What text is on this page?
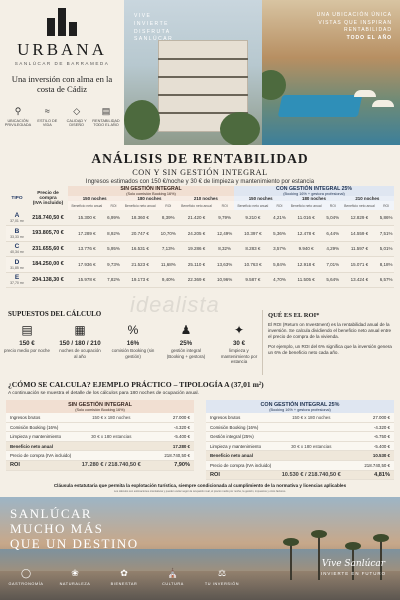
URBANA
SANLÚCAR DE BARRAMEDA
Una inversión con alma en la costa de Cádiz
⚲
UBICACIÓN PRIVILEGIADA
≈
ESTILO DE VIDA
◇
CALIDAD Y DISEÑO
▤
RENTABILIDAD TODO EL AÑO
VIVE
INVIERTE
DISFRUTA
SANLÚCAR
UNA UBICACIÓN ÚNICA
VISTAS QUE INSPIRAN
RENTABILIDAD
TODO EL AÑO
ANÁLISIS DE RENTABILIDAD
CON Y SIN GESTIÓN INTEGRAL
Ingresos estimados con 150 €/noche y 30 € de limpieza y mantenimiento por estancia
TIPO	Precio de compra
(IVA incluido)	SIN GESTIÓN INTEGRAL
(Solo comisión Booking 16%)						CON GESTIÓN INTEGRAL 25%
(Booking 16% + gestora profesional)					

		150 noches		180 noches		210 noches		150 noches		180 noches		210 noches	
		Beneficio neto anual	ROI	Beneficio neto anual	ROI	Beneficio neto anual	ROI	Beneficio neto anual	ROI	Beneficio neto anual	ROI	Beneficio neto anual	ROI

A
37,01 m²	218.740,50 €	15.300 €	6,99%	18.360 €	8,39%	21.420 €	9,79%	9.210 €	4,21%	11.016 €	5,04%	12.829 €	5,86%

B
33,33 m²	193.805,70 €	17.289 €	8,92%	20.747 €	10,70%	24.205 €	12,49%	10.397 €	5,36%	12.478 €	6,44%	14.559 €	7,51%

C
40,34 m²	231.655,60 €	13.776 €	5,95%	16.531 €	7,13%	19.286 €	8,32%	8.283 €	3,57%	9.940 €	4,29%	11.597 €	5,01%

D
31,85 m²	184.250,00 €	17.936 €	9,73%	21.523 €	11,68%	25.110 €	13,63%	10.763 €	5,84%	12.918 €	7,01%	15.071 €	8,18%

E
37,70 m²	204.138,30 €	15.978 €	7,82%	19.173 €	9,40%	22.369 €	10,96%	9.587 €	4,70%	11.505 €	5,64%	13.424 €	6,57%
idealista
SUPUESTOS DEL CÁLCULO
▤
150 €
precio medio por noche
▦
150 / 180 / 210
noches de ocupación al año
%
16%
comisión Booking (sin gestión)
♟
25%
gestión integral (Booking + gestora)
✦
30 €
limpieza y mantenimiento por estancia
QUÉ ES EL ROI*
El ROI (Return on Investment) es la rentabilidad anual de la inversión. Se calcula dividiendo el beneficio neto anual entre el precio de compra de la vivienda.
Por ejemplo, un ROI del 6% significa que la inversión genera un 6% de beneficio neto cada año.
¿CÓMO SE CALCULA? EJEMPLO PRÁCTICO – TIPOLOGÍA A (37,01 m²)
A continuación se muestra el detalle de los cálculos para 180 noches de ocupación anual.
SIN GESTIÓN INTEGRAL
(Solo comisión Booking 16%)
Ingresos brutos	150 € x 180 noches	27.000 €
Comisión Booking (16%)	-4.320 €
Limpieza y mantenimiento	30 € x 180 estancias	-5.400 €
Beneficio neto anual	17.280 €
Precio de compra (IVA incluido)	218.740,50 €
ROI	17.280 € / 218.740,50 €	7,90%
CON GESTIÓN INTEGRAL 25%
(Booking 16% + gestora profesional)
Ingresos brutos	150 € x 180 noches	27.000 €
Comisión Booking (16%)	-4.320 €
Gestión integral (25%)	-6.750 €
Limpieza y mantenimiento	30 € x 180 estancias	-5.400 €
Beneficio neto anual	10.530 €
Precio de compra (IVA incluido)	218.740,50 €
ROI	10.530 € / 218.740,50 €	4,81%
Cláusula estatutaria que permita la explotación turística, siempre condicionada al cumplimiento de la normativa y licencias aplicables
Los cálculos son estimaciones orientativas y pueden variar según la ocupación real, el precio medio por noche, la gestión, impuestos y otros factores.
SANLÚCAR
MUCHO MÁS
QUE UN DESTINO
◯
GASTRONOMÍA
❀
NATURALEZA
✿
BIENESTAR
⛪
CULTURA
⚖
TU INVERSIÓN
Vive Sanlúcar
INVIERTE EN FUTURO
